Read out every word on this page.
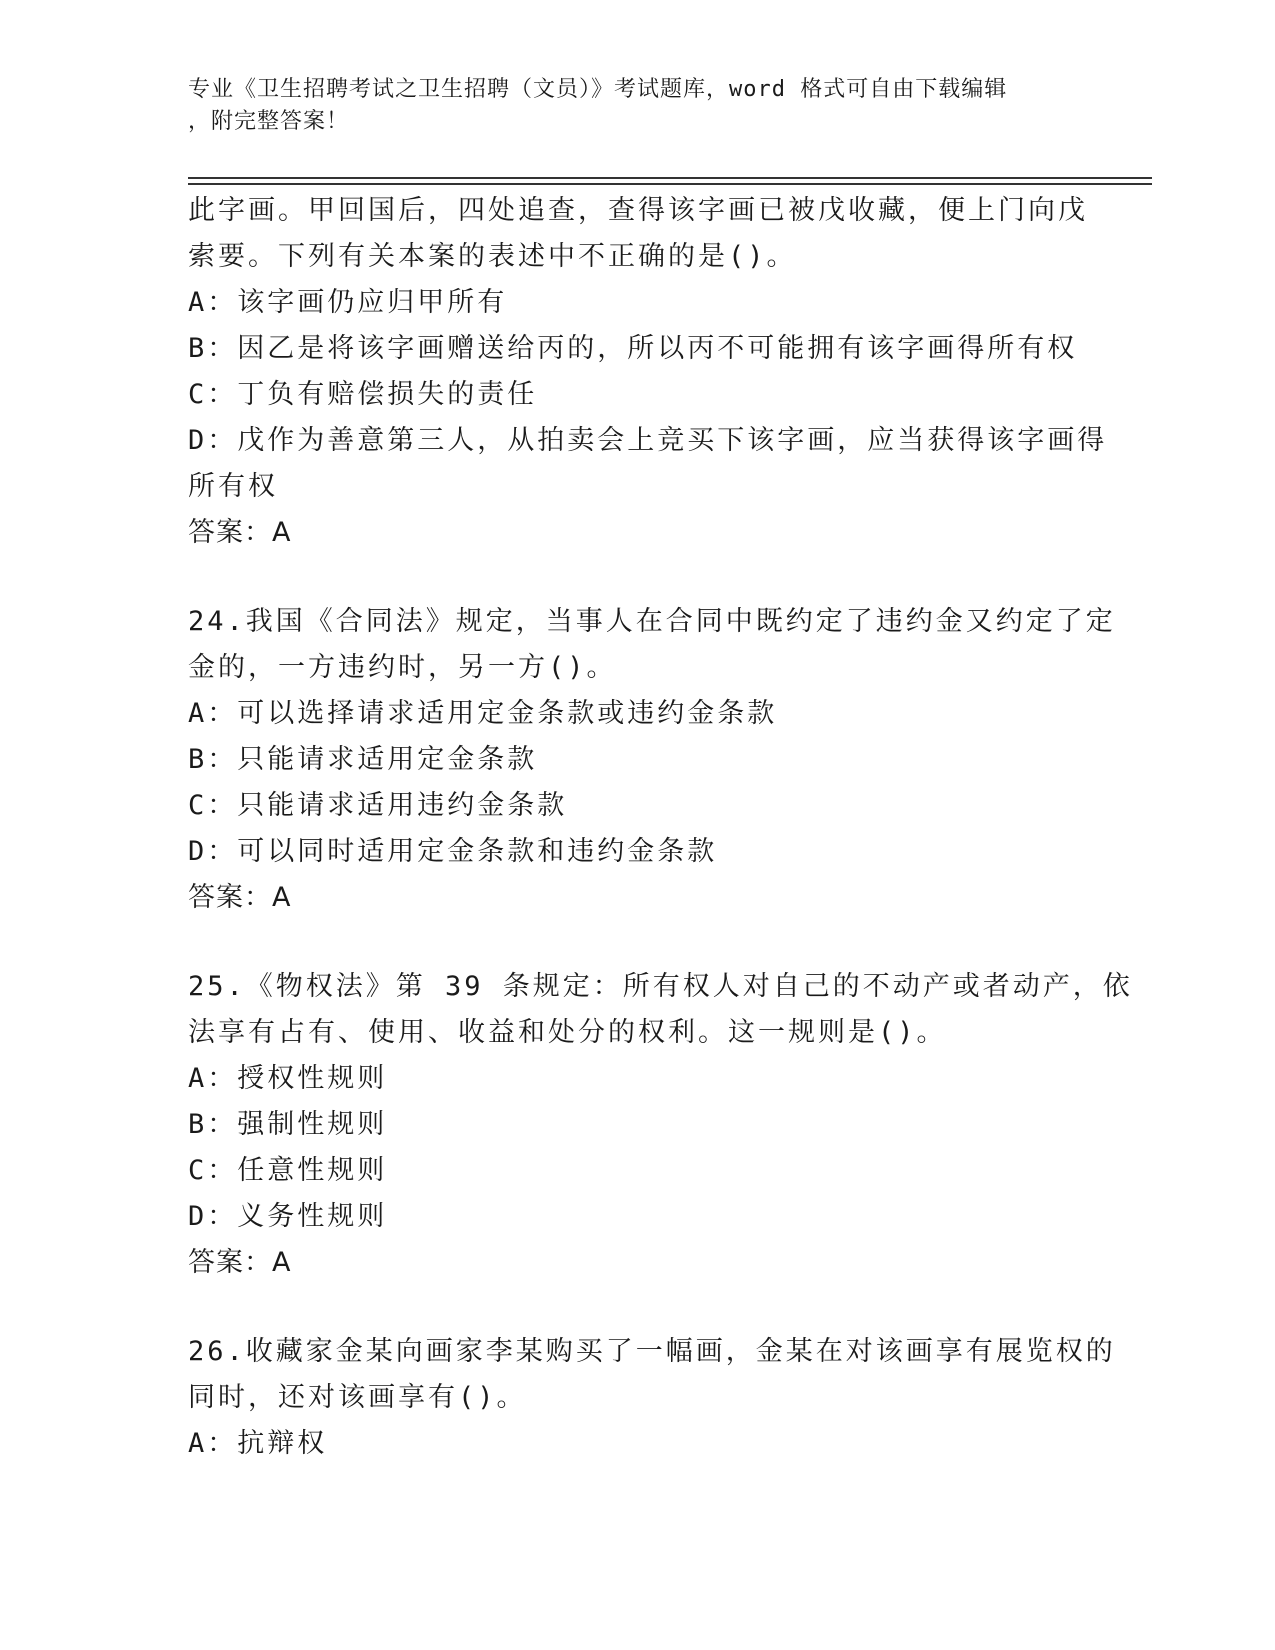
专业《卫生招聘考试之卫生招聘（文员）》考试题库，word 格式可自由下载编辑
，附完整答案！
此字画。甲回国后，四处追查，查得该字画已被戊收藏，便上门向戊
索要。下列有关本案的表述中不正确的是()。
A：该字画仍应归甲所有
B：因乙是将该字画赠送给丙的，所以丙不可能拥有该字画得所有权
C：丁负有赔偿损失的责任
D：戊作为善意第三人，从拍卖会上竞买下该字画，应当获得该字画得
所有权
答案：A
24.我国《合同法》规定，当事人在合同中既约定了违约金又约定了定
金的，一方违约时，另一方()。
A：可以选择请求适用定金条款或违约金条款
B：只能请求适用定金条款
C：只能请求适用违约金条款
D：可以同时适用定金条款和违约金条款
答案：A
25.《物权法》第 39 条规定：所有权人对自己的不动产或者动产，依
法享有占有、使用、收益和处分的权利。这一规则是()。
A：授权性规则
B：强制性规则
C：任意性规则
D：义务性规则
答案：A
26.收藏家金某向画家李某购买了一幅画，金某在对该画享有展览权的
同时，还对该画享有()。
A：抗辩权
